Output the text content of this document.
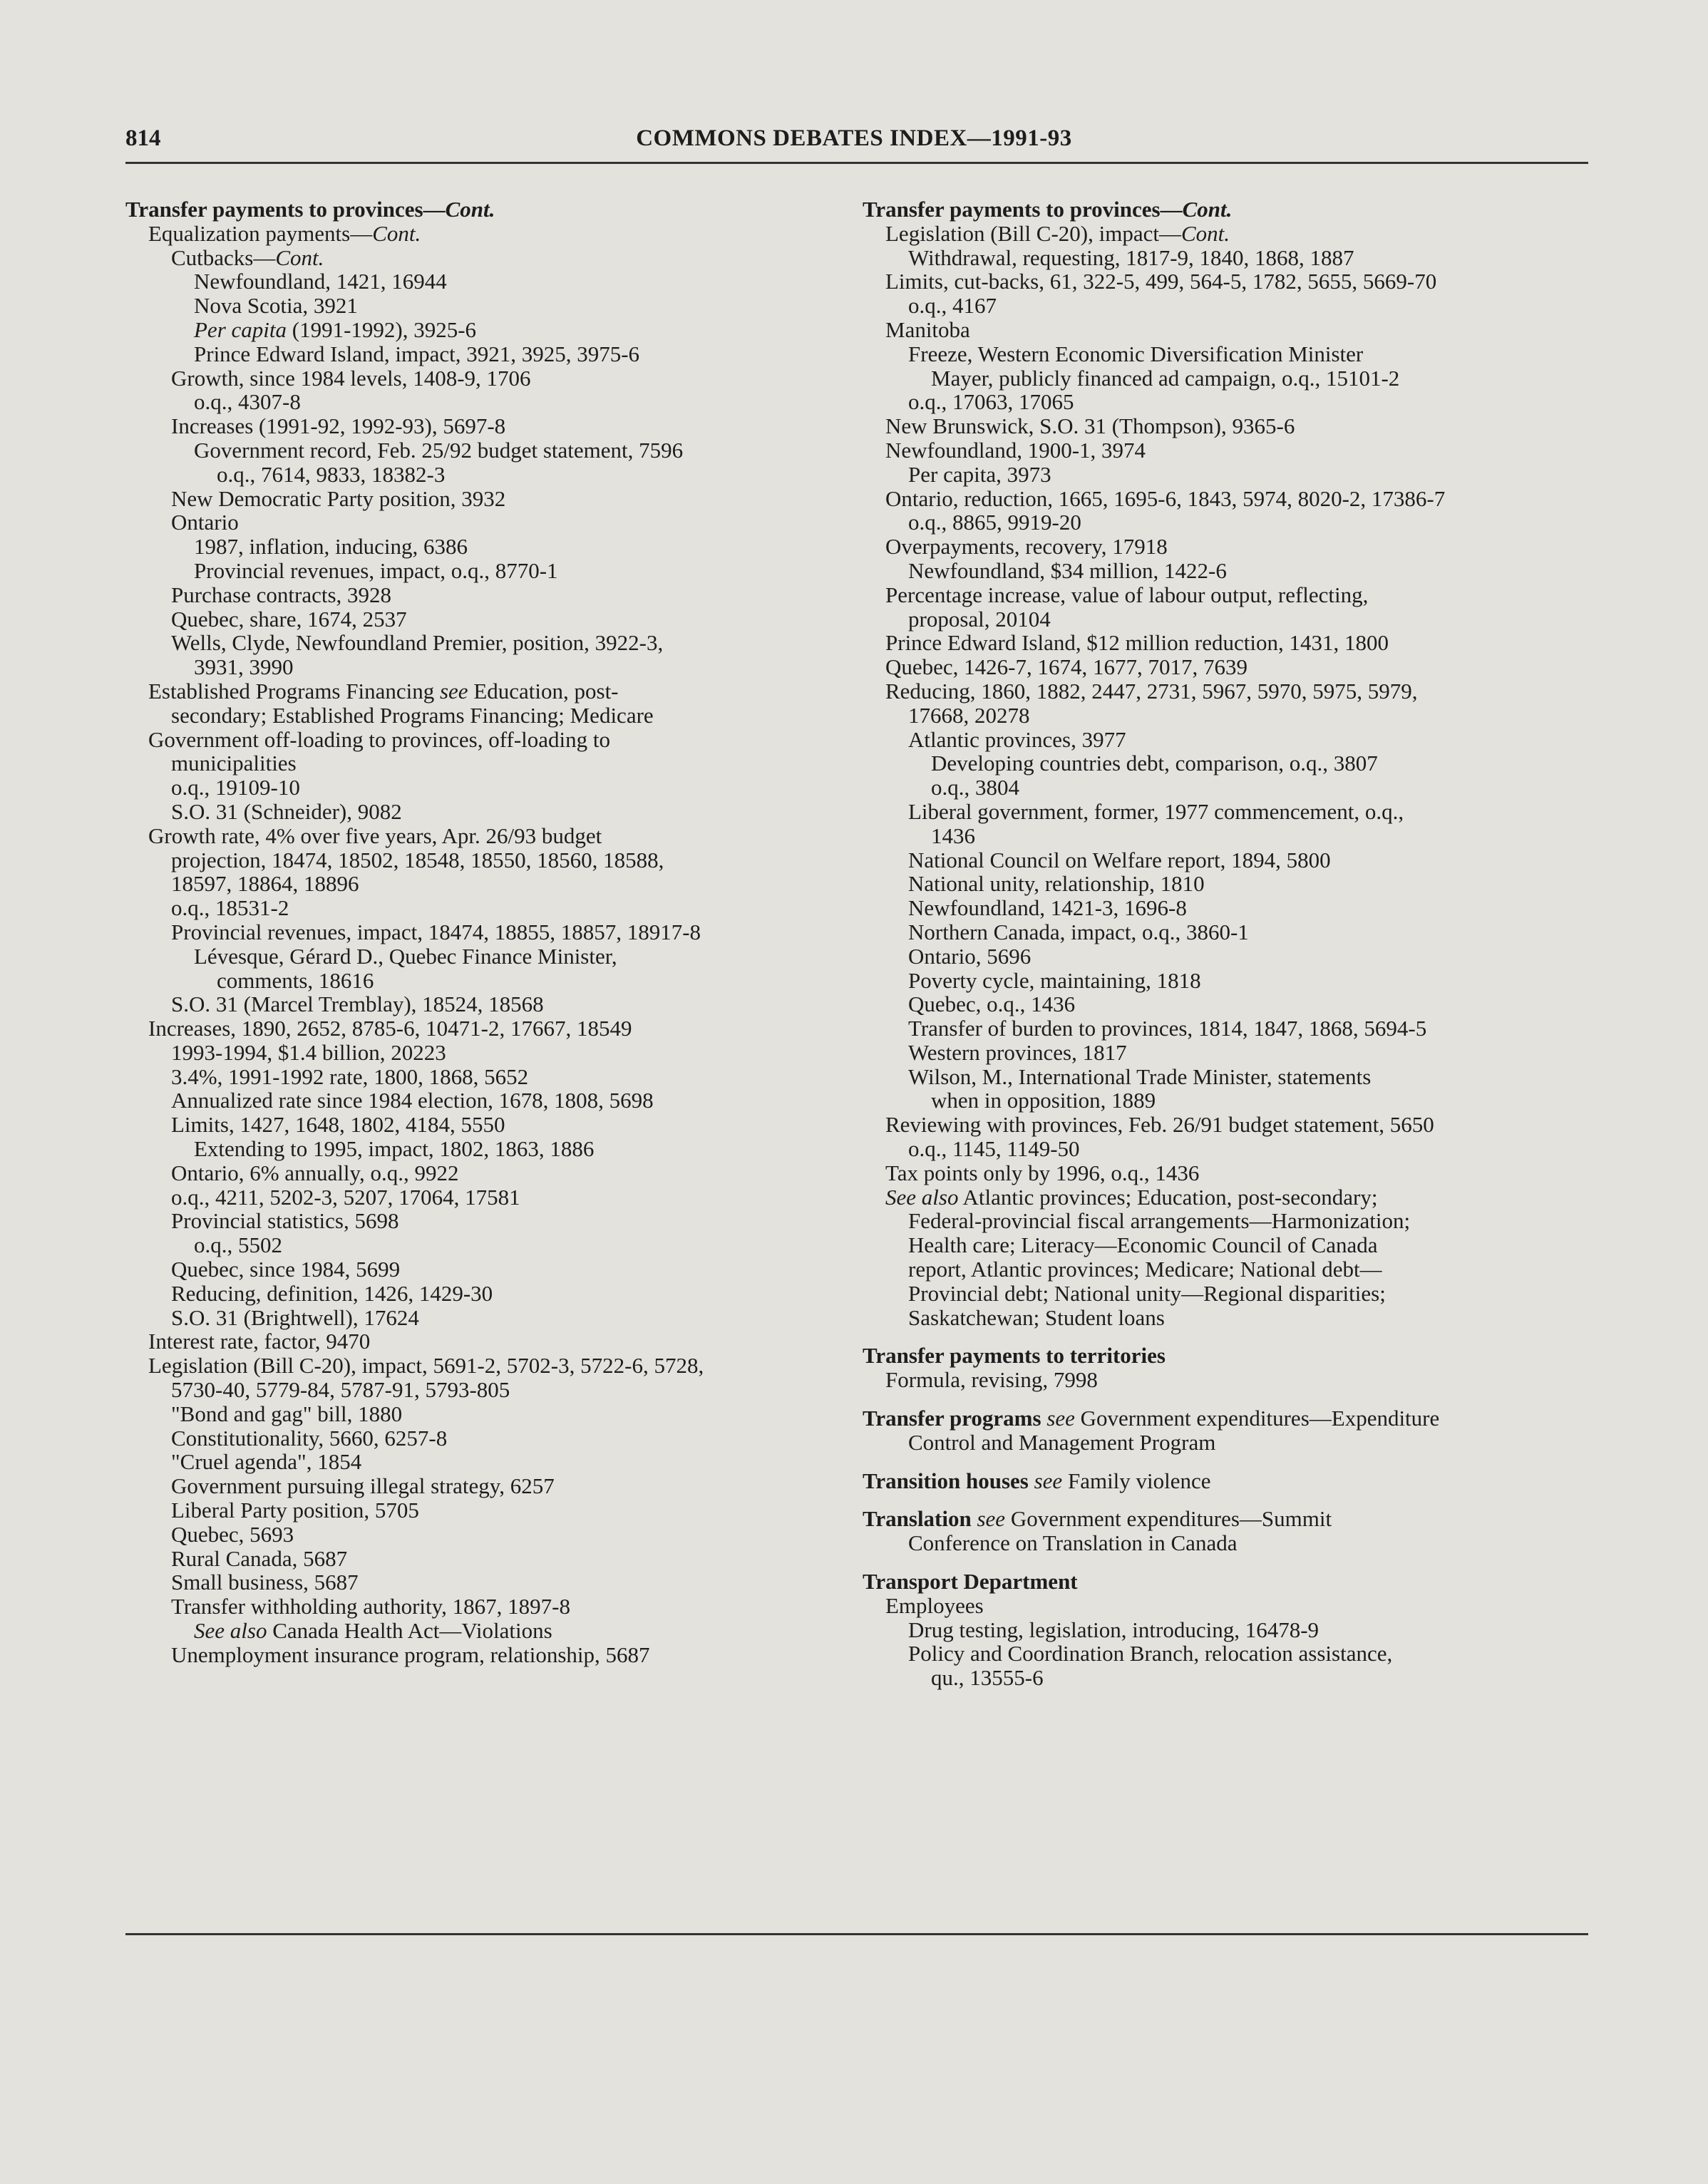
814	COMMONS DEBATES INDEX—1991-93
Transfer payments to provinces—Cont.
Equalization payments—Cont.
Cutbacks—Cont.
Newfoundland, 1421, 16944
Nova Scotia, 3921
Per capita (1991-1992), 3925-6
Prince Edward Island, impact, 3921, 3925, 3975-6
Growth, since 1984 levels, 1408-9, 1706
o.q., 4307-8
Increases (1991-92, 1992-93), 5697-8
Government record, Feb. 25/92 budget statement, 7596
o.q., 7614, 9833, 18382-3
New Democratic Party position, 3932
Ontario
1987, inflation, inducing, 6386
Provincial revenues, impact, o.q., 8770-1
Purchase contracts, 3928
Quebec, share, 1674, 2537
Wells, Clyde, Newfoundland Premier, position, 3922-3,
3931, 3990
Established Programs Financing see Education, post-
secondary; Established Programs Financing; Medicare
Government off-loading to provinces, off-loading to
municipalities
o.q., 19109-10
S.O. 31 (Schneider), 9082
Growth rate, 4% over five years, Apr. 26/93 budget
projection, 18474, 18502, 18548, 18550, 18560, 18588,
18597, 18864, 18896
o.q., 18531-2
Provincial revenues, impact, 18474, 18855, 18857, 18917-8
Lévesque, Gérard D., Quebec Finance Minister,
comments, 18616
S.O. 31 (Marcel Tremblay), 18524, 18568
Increases, 1890, 2652, 8785-6, 10471-2, 17667, 18549
1993-1994, $1.4 billion, 20223
3.4%, 1991-1992 rate, 1800, 1868, 5652
Annualized rate since 1984 election, 1678, 1808, 5698
Limits, 1427, 1648, 1802, 4184, 5550
Extending to 1995, impact, 1802, 1863, 1886
Ontario, 6% annually, o.q., 9922
o.q., 4211, 5202-3, 5207, 17064, 17581
Provincial statistics, 5698
o.q., 5502
Quebec, since 1984, 5699
Reducing, definition, 1426, 1429-30
S.O. 31 (Brightwell), 17624
Interest rate, factor, 9470
Legislation (Bill C-20), impact, 5691-2, 5702-3, 5722-6, 5728,
5730-40, 5779-84, 5787-91, 5793-805
"Bond and gag" bill, 1880
Constitutionality, 5660, 6257-8
"Cruel agenda", 1854
Government pursuing illegal strategy, 6257
Liberal Party position, 5705
Quebec, 5693
Rural Canada, 5687
Small business, 5687
Transfer withholding authority, 1867, 1897-8
See also Canada Health Act—Violations
Unemployment insurance program, relationship, 5687
Transfer payments to provinces—Cont.
Legislation (Bill C-20), impact—Cont.
Withdrawal, requesting, 1817-9, 1840, 1868, 1887
Limits, cut-backs, 61, 322-5, 499, 564-5, 1782, 5655, 5669-70
o.q., 4167
Manitoba
Freeze, Western Economic Diversification Minister
Mayer, publicly financed ad campaign, o.q., 15101-2
o.q., 17063, 17065
New Brunswick, S.O. 31 (Thompson), 9365-6
Newfoundland, 1900-1, 3974
Per capita, 3973
Ontario, reduction, 1665, 1695-6, 1843, 5974, 8020-2, 17386-7
o.q., 8865, 9919-20
Overpayments, recovery, 17918
Newfoundland, $34 million, 1422-6
Percentage increase, value of labour output, reflecting,
proposal, 20104
Prince Edward Island, $12 million reduction, 1431, 1800
Quebec, 1426-7, 1674, 1677, 7017, 7639
Reducing, 1860, 1882, 2447, 2731, 5967, 5970, 5975, 5979,
17668, 20278
Atlantic provinces, 3977
Developing countries debt, comparison, o.q., 3807
o.q., 3804
Liberal government, former, 1977 commencement, o.q.,
1436
National Council on Welfare report, 1894, 5800
National unity, relationship, 1810
Newfoundland, 1421-3, 1696-8
Northern Canada, impact, o.q., 3860-1
Ontario, 5696
Poverty cycle, maintaining, 1818
Quebec, o.q., 1436
Transfer of burden to provinces, 1814, 1847, 1868, 5694-5
Western provinces, 1817
Wilson, M., International Trade Minister, statements
when in opposition, 1889
Reviewing with provinces, Feb. 26/91 budget statement, 5650
o.q., 1145, 1149-50
Tax points only by 1996, o.q., 1436
See also Atlantic provinces; Education, post-secondary;
Federal-provincial fiscal arrangements—Harmonization;
Health care; Literacy—Economic Council of Canada
report, Atlantic provinces; Medicare; National debt—
Provincial debt; National unity—Regional disparities;
Saskatchewan; Student loans
Transfer payments to territories
Formula, revising, 7998
Transfer programs see Government expenditures—Expenditure
Control and Management Program
Transition houses see Family violence
Translation see Government expenditures—Summit
Conference on Translation in Canada
Transport Department
Employees
Drug testing, legislation, introducing, 16478-9
Policy and Coordination Branch, relocation assistance,
qu., 13555-6
